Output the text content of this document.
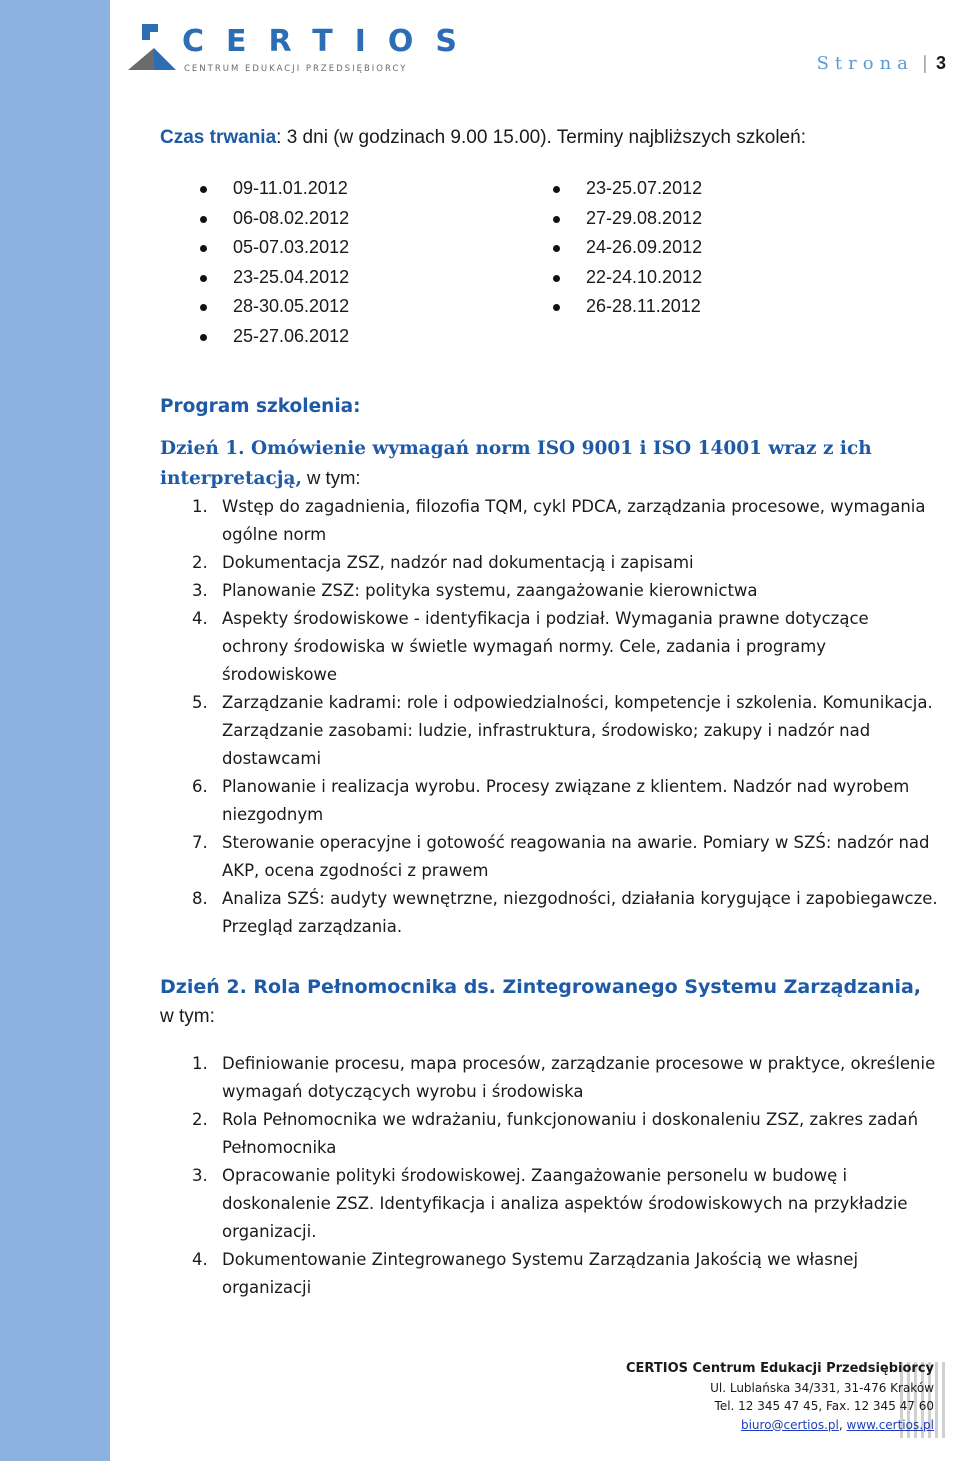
CERTIOS
CENTRUM EDUKACJI PRZEDSIĘBIORCY	Strona | 3

Czas trwania: 3 dni (w godzinach 9.00 15.00). Terminy najbliższych szkoleń:

09-11.01.2012
06-08.02.2012
05-07.03.2012
23-25.04.2012
28-30.05.2012
25-27.06.2012
23-25.07.2012
27-29.08.2012
24-26.09.2012
22-24.10.2012
26-28.11.2012

Program szkolenia:

Dzień 1. Omówienie wymagań norm ISO 9001 i ISO 14001 wraz z ich interpretacją, w tym:

1. Wstęp do zagadnienia, filozofia TQM, cykl PDCA, zarządzania procesowe, wymagania ogólne norm
2. Dokumentacja ZSZ, nadzór nad dokumentacją i zapisami
3. Planowanie ZSZ: polityka systemu, zaangażowanie kierownictwa
4. Aspekty środowiskowe - identyfikacja i podział. Wymagania prawne dotyczące ochrony środowiska w świetle wymagań normy. Cele, zadania i programy środowiskowe
5. Zarządzanie kadrami: role i odpowiedzialności, kompetencje i szkolenia. Komunikacja. Zarządzanie zasobami: ludzie, infrastruktura, środowisko; zakupy i nadzór nad dostawcami
6. Planowanie i realizacja wyrobu. Procesy związane z klientem. Nadzór nad wyrobem niezgodnym
7. Sterowanie operacyjne i gotowość reagowania na awarie. Pomiary w SZŚ: nadzór nad AKP, ocena zgodności z prawem
8. Analiza SZŚ: audyty wewnętrzne, niezgodności, działania korygujące i zapobiegawcze. Przegląd zarządzania.

Dzień 2. Rola Pełnomocnika ds. Zintegrowanego Systemu Zarządzania, w tym:

1. Definiowanie procesu, mapa procesów, zarządzanie procesowe w praktyce, określenie wymagań dotyczących wyrobu i środowiska
2. Rola Pełnomocnika we wdrażaniu, funkcjonowaniu i doskonaleniu ZSZ, zakres zadań Pełnomocnika
3. Opracowanie polityki środowiskowej. Zaangażowanie personelu w budowę i doskonalenie ZSZ. Identyfikacja i analiza aspektów środowiskowych na przykładzie organizacji.
4. Dokumentowanie Zintegrowanego Systemu Zarządzania Jakością we własnej organizacji
CERTIOS Centrum Edukacji Przedsiębiorcy
Ul. Lublańska 34/331, 31-476 Kraków
Tel. 12 345 47 45, Fax. 12 345 47 60
biuro@certios.pl, www.certios.pl
